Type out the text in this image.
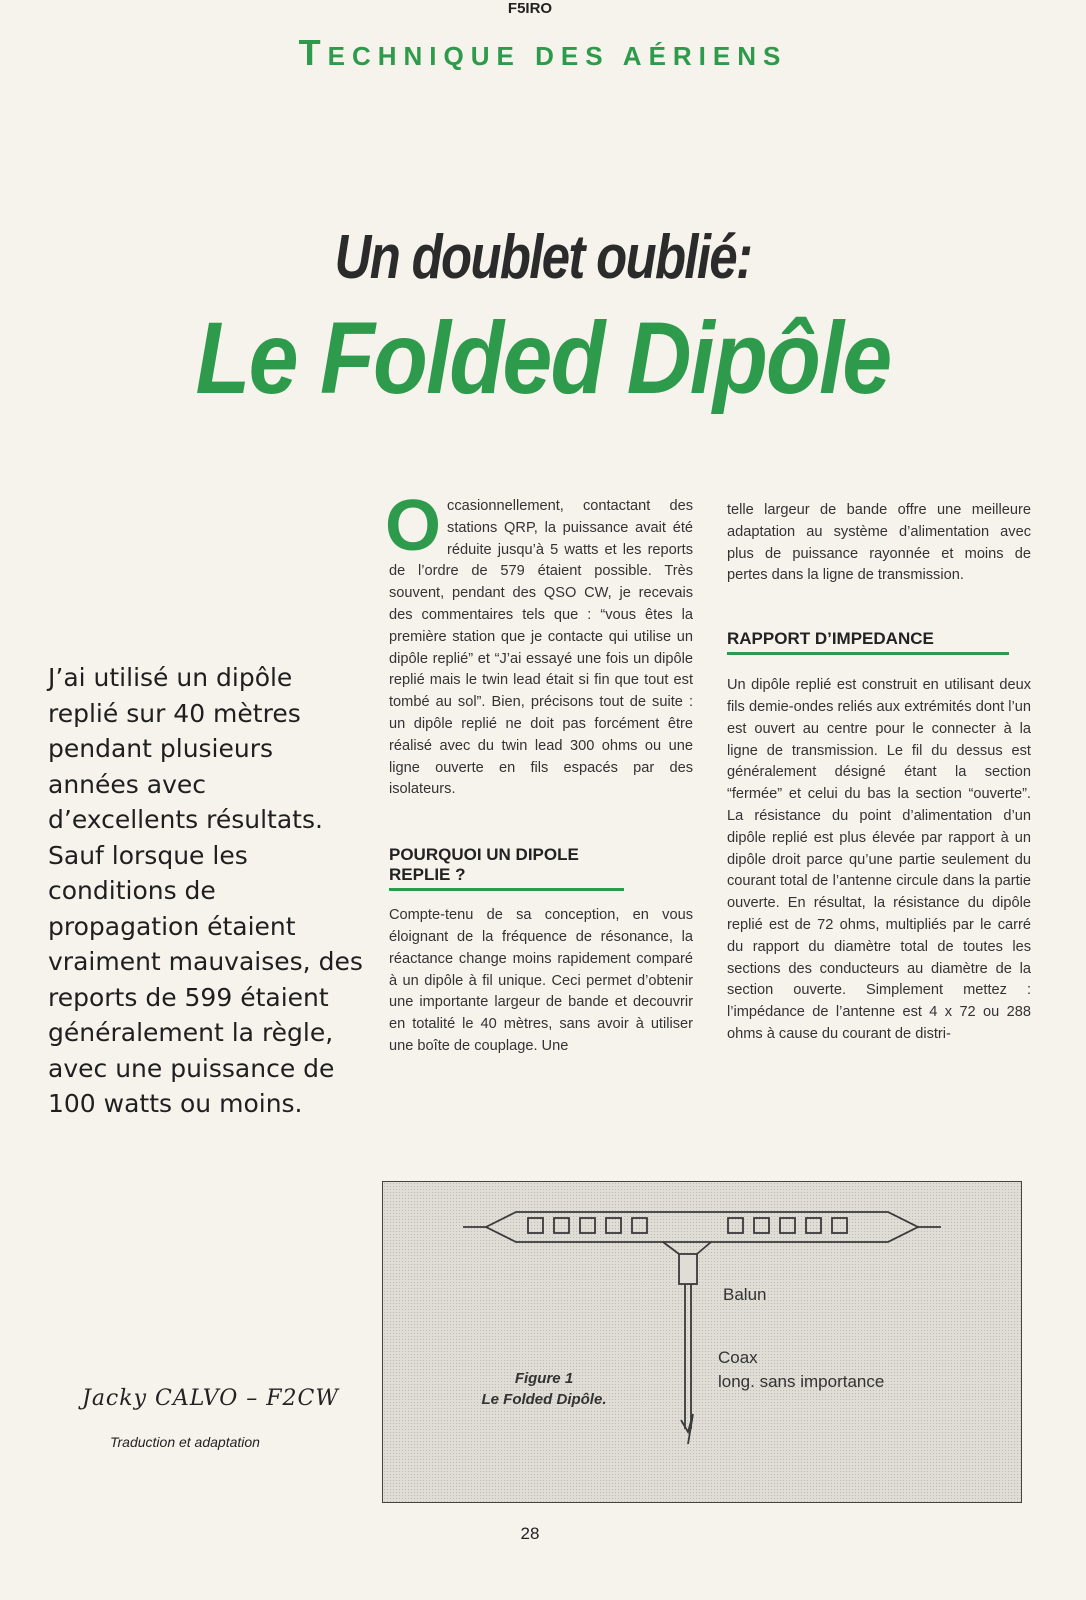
F5IRO
TECHNIQUE DES AÉRIENS
Un doublet oublié:
Le Folded Dipôle
J’ai utilisé un dipôle replié sur 40 mètres pendant plusieurs années avec d’excellents résultats. Sauf lorsque les conditions de propagation étaient vraiment mauvaises, des reports de 599 étaient généralement la règle, avec une puissance de 100 watts ou moins.

Occasionnellement, contactant des stations QRP, la puissance avait été réduite jusqu’à 5 watts et les reports de l’ordre de 579 étaient possible. Très souvent, pendant des QSO CW, je recevais des commentaires tels que : “vous êtes la première station que je contacte qui utilise un dipôle replié” et “J’ai essayé une fois un dipôle replié mais le twin lead était si fin que tout est tombé au sol”. Bien, précisons tout de suite : un dipôle replié ne doit pas forcément être réalisé avec du twin lead 300 ohms ou une ligne ouverte en fils espacés par des isolateurs.

POURQUOI UN DIPOLE REPLIE ?

Compte-tenu de sa conception, en vous éloignant de la fréquence de résonance, la réactance change moins rapidement comparé à un dipôle à fil unique. Ceci permet d’obtenir une importante largeur de bande et decouvrir en totalité le 40 mètres, sans avoir à utiliser une boîte de couplage. Une

telle largeur de bande offre une meilleure adaptation au système d’alimentation avec plus de puissance rayonnée et moins de pertes dans la ligne de transmission.

RAPPORT D’IMPEDANCE

Un dipôle replié est construit en utilisant deux fils demie-ondes reliés aux extrémités dont l’un est ouvert au centre pour le connecter à la ligne de transmission. Le fil du dessus est généralement désigné étant la section “fermée” et celui du bas la section “ouverte”. La résistance du point d’alimentation d’un dipôle replié est plus élevée par rapport à un dipôle droit parce qu’une partie seulement du courant total de l’antenne circule dans la partie ouverte. En résultat, la résistance du dipôle replié est de 72 ohms, multipliés par le carré du rapport du diamètre total de toutes les sections des conducteurs au diamètre de la section ouverte. Simplement mettez : l’impédance de l’antenne est 4 x 72 ou 288 ohms à cause du courant de distri-

Jacky CALVO – F2CW
Traduction et adaptation
Figure 1
Le Folded Dipôle.
Balun
Coax
long. sans importance
28
